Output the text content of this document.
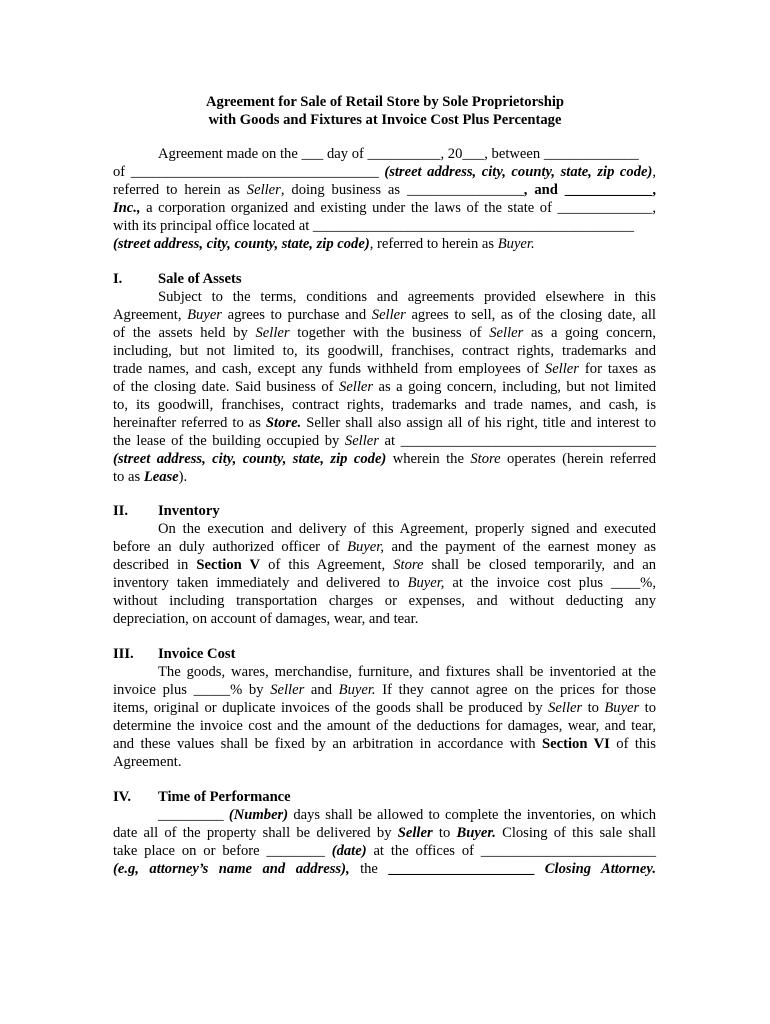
Agreement for Sale of Retail Store by Sole Proprietorship
with Goods and Fixtures at Invoice Cost Plus Percentage
Agreement made on the ___ day of __________, 20___, between _____________
of __________________________________ (street address, city, county, state, zip code),
referred to herein as Seller, doing business as ________________, and ____________,
Inc., a corporation organized and existing under the laws of the state of _____________,
with its principal office located at ____________________________________________
(street address, city, county, state, zip code), referred to herein as Buyer.
I. Sale of Assets
Subject to the terms, conditions and agreements provided elsewhere in this
Agreement, Buyer agrees to purchase and Seller agrees to sell, as of the closing date, all
of the assets held by Seller together with the business of Seller as a going concern,
including, but not limited to, its goodwill, franchises, contract rights, trademarks and
trade names, and cash, except any funds withheld from employees of Seller for taxes as
of the closing date. Said business of Seller as a going concern, including, but not limited
to, its goodwill, franchises, contract rights, trademarks and trade names, and cash, is
hereinafter referred to as Store. Seller shall also assign all of his right, title and interest to
the lease of the building occupied by Seller at ___________________________________
(street address, city, county, state, zip code) wherein the Store operates (herein referred
to as Lease).
II. Inventory
On the execution and delivery of this Agreement, properly signed and executed
before an duly authorized officer of Buyer, and the payment of the earnest money as
described in Section V of this Agreement, Store shall be closed temporarily, and an
inventory taken immediately and delivered to Buyer, at the invoice cost plus ____%,
without including transportation charges or expenses, and without deducting any
depreciation, on account of damages, wear, and tear.
III. Invoice Cost
The goods, wares, merchandise, furniture, and fixtures shall be inventoried at the
invoice plus _____% by Seller and Buyer. If they cannot agree on the prices for those
items, original or duplicate invoices of the goods shall be produced by Seller to Buyer to
determine the invoice cost and the amount of the deductions for damages, wear, and tear,
and these values shall be fixed by an arbitration in accordance with Section VI of this
Agreement.
IV. Time of Performance
_________ (Number) days shall be allowed to complete the inventories, on which
date all of the property shall be delivered by Seller to Buyer. Closing of this sale shall
take place on or before ________ (date) at the offices of ________________________
(e.g, attorney’s name and address), the ____________________ Closing Attorney.
